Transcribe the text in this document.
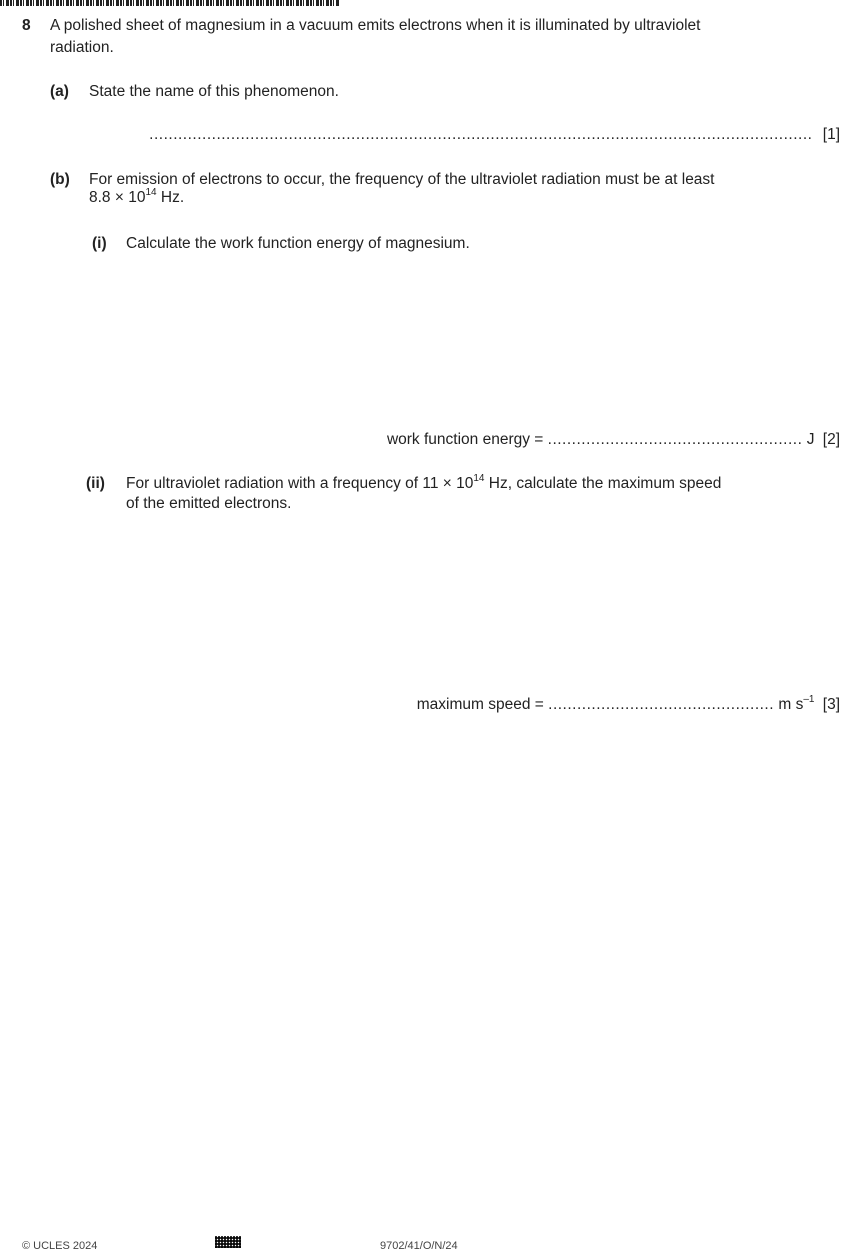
8 A polished sheet of magnesium in a vacuum emits electrons when it is illuminated by ultraviolet
radiation.
(a) State the name of this phenomenon.
.......................................................................................................................................... [1]
(b) For emission of electrons to occur, the frequency of the ultraviolet radiation must be at least
$8.8 \times 10^{14}$ Hz.
(i) Calculate the work function energy of magnesium.
work function energy = ..................................................... J [2]
(ii) For ultraviolet radiation with a frequency of $11 \times 10^{14}$ Hz, calculate the maximum speed
of the emitted electrons.
maximum speed = ............................................... m $s^{-1}$ [3]
© UCLES 2024	9702/41/O/N/24
